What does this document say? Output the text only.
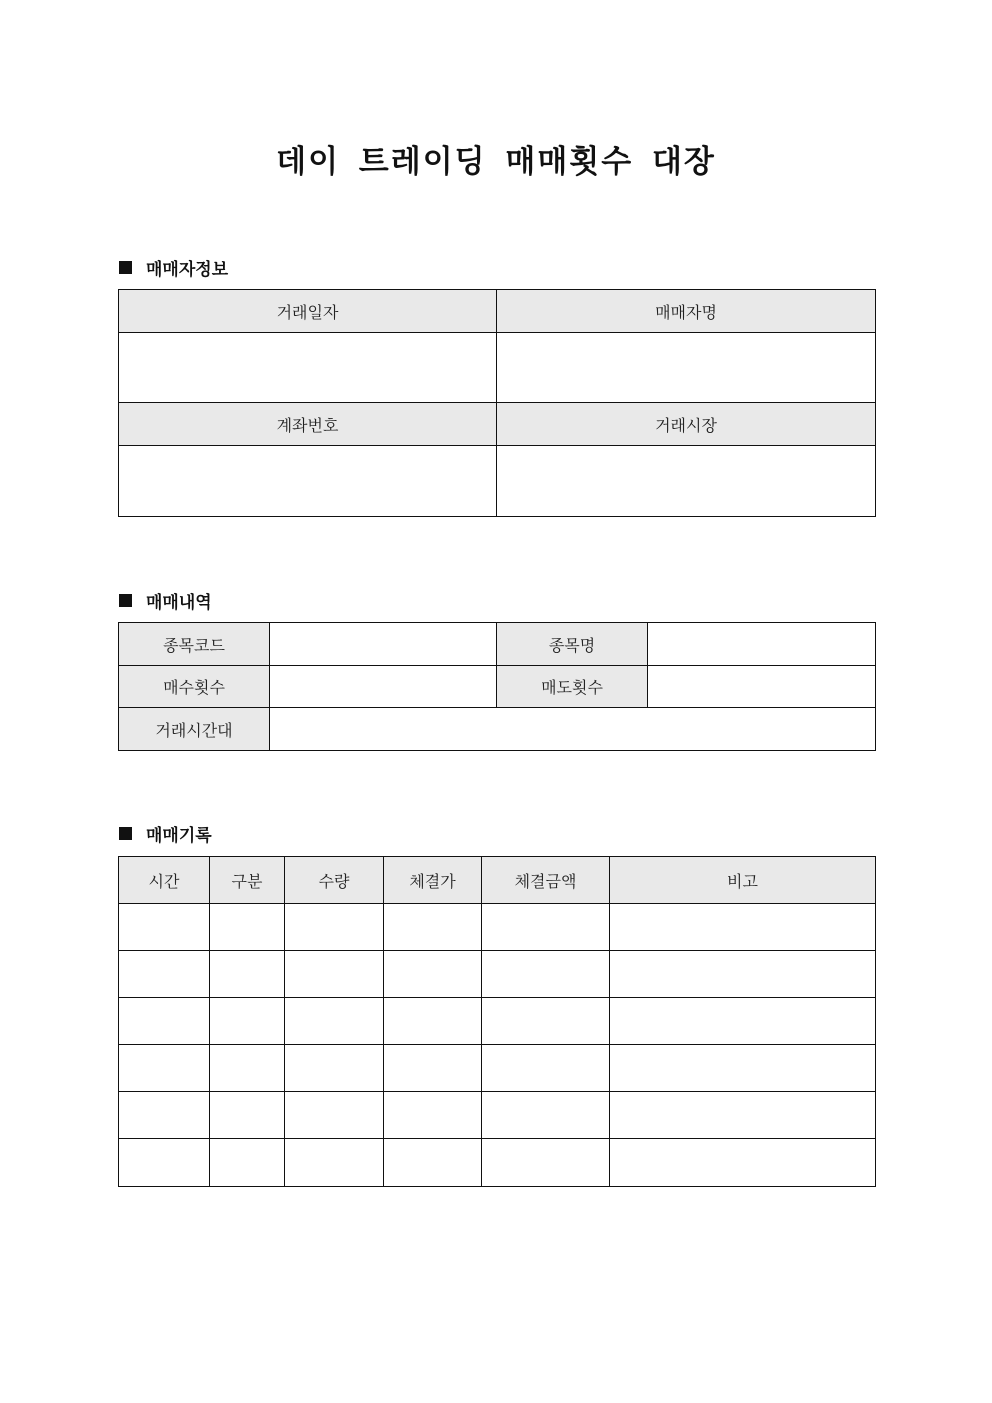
데이 트레이딩 매매횟수 대장
매매자정보
거래일자	매매자명

계좌번호	거래시장

매매내역
종목코드		종목명	
매수횟수		매도횟수	
거래시간대			
매매기록
시간	구분	수량	체결가	체결금액	비고
